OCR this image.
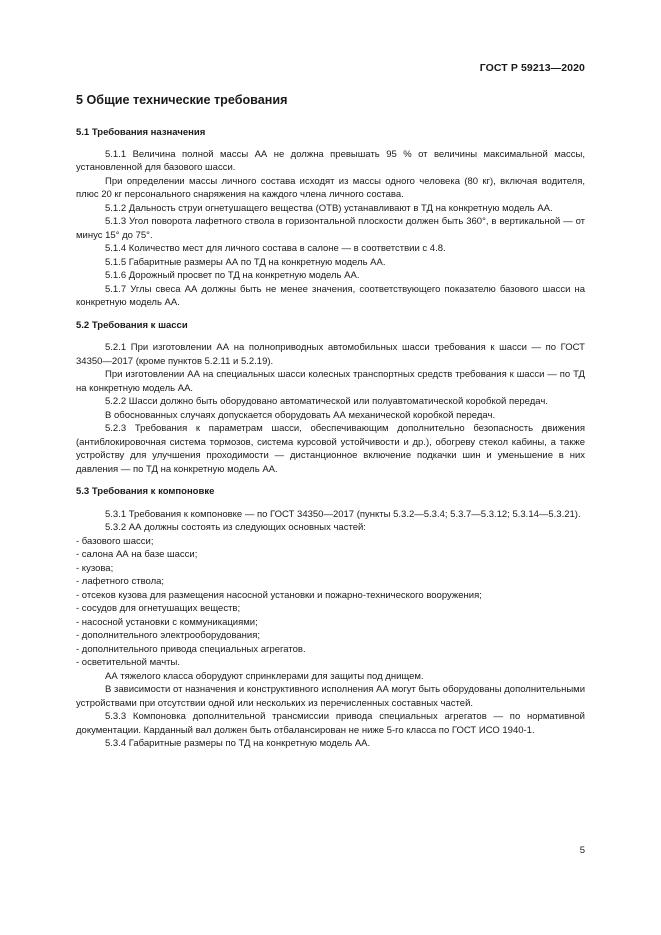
ГОСТ Р 59213—2020
5 Общие технические требования
5.1 Требования назначения

5.1.1 Величина полной массы АА не должна превышать 95 % от величины максимальной массы, установленной для базового шасси.

При определении массы личного состава исходят из массы одного человека (80 кг), включая водителя, плюс 20 кг персонального снаряжения на каждого члена личного состава.

5.1.2 Дальность струи огнетушащего вещества (ОТВ) устанавливают в ТД на конкретную модель АА.

5.1.3 Угол поворота лафетного ствола в горизонтальной плоскости должен быть 360°, в вертикальной — от минус 15° до 75°.

5.1.4 Количество мест для личного состава в салоне — в соответствии с 4.8.

5.1.5 Габаритные размеры АА по ТД на конкретную модель АА.

5.1.6 Дорожный просвет по ТД на конкретную модель АА.

5.1.7 Углы свеса АА должны быть не менее значения, соответствующего показателю базового шасси на конкретную модель АА.

5.2 Требования к шасси

5.2.1 При изготовлении АА на полноприводных автомобильных шасси требования к шасси — по ГОСТ 34350—2017 (кроме пунктов 5.2.11 и 5.2.19).

При изготовлении АА на специальных шасси колесных транспортных средств требования к шасси — по ТД на конкретную модель АА.

5.2.2 Шасси должно быть оборудовано автоматической или полуавтоматической коробкой передач.

В обоснованных случаях допускается оборудовать АА механической коробкой передач.

5.2.3 Требования к параметрам шасси, обеспечивающим дополнительно безопасность движения (антиблокировочная система тормозов, система курсовой устойчивости и др.), обогреву стекол кабины, а также устройству для улучшения проходимости — дистанционное включение подкачки шин и уменьшение в них давления — по ТД на конкретную модель АА.

5.3 Требования к компоновке

5.3.1 Требования к компоновке — по ГОСТ 34350—2017 (пункты 5.3.2—5.3.4; 5.3.7—5.3.12; 5.3.14—5.3.21).

5.3.2 АА должны состоять из следующих основных частей:

- базового шасси;
- салона АА на базе шасси;
- кузова;
- лафетного ствола;
- отсеков кузова для размещения насосной установки и пожарно-технического вооружения;
- сосудов для огнетушащих веществ;
- насосной установки с коммуникациями;
- дополнительного электрооборудования;
- дополнительного привода специальных агрегатов.
- осветительной мачты.

АА тяжелого класса оборудуют спринклерами для защиты под днищем.

В зависимости от назначения и конструктивного исполнения АА могут быть оборудованы дополнительными устройствами при отсутствии одной или нескольких из перечисленных составных частей.

5.3.3 Компоновка дополнительной трансмиссии привода специальных агрегатов — по нормативной документации. Карданный вал должен быть отбалансирован не ниже 5-го класса по ГОСТ ИСО 1940-1.

5.3.4 Габаритные размеры по ТД на конкретную модель АА.

5
